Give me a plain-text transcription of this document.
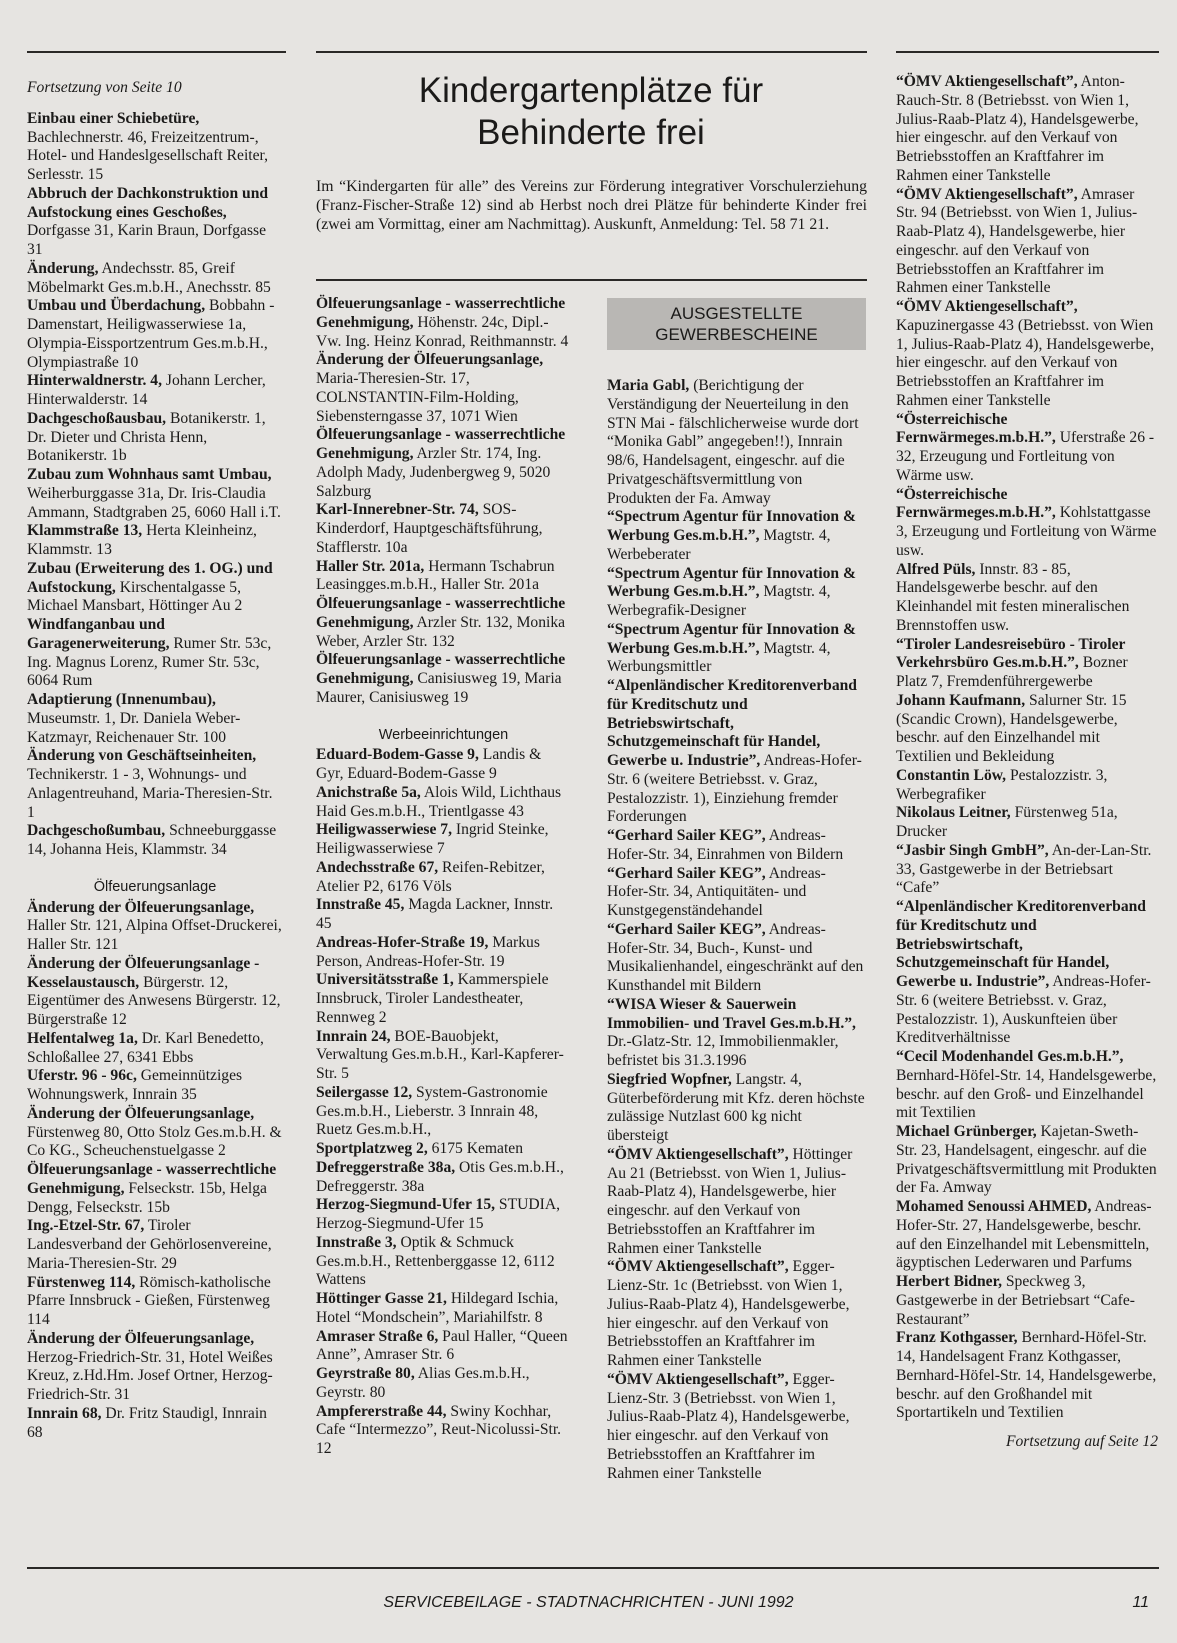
Kindergartenplätze für
Behinderte frei
Im “Kindergarten für alle” des Vereins zur Förderung integrativer Vorschulerziehung (Franz-Fischer-Straße 12) sind ab Herbst noch drei Plätze für behinderte Kinder frei (zwei am Vormittag, einer am Nachmittag). Auskunft, Anmeldung: Tel. 58 71 21.
AUSGESTELLTE
GEWERBESCHEINE
Fortsetzung von Seite 10

Einbau einer Schiebetüre, Bachlechnerstr. 46, Freizeitzentrum-, Hotel- und Handeslgesellschaft Reiter, Serlesstr. 15

Abbruch der Dachkonstruktion und Aufstockung eines Geschoßes, Dorfgasse 31, Karin Braun, Dorfgasse 31

Änderung, Andechsstr. 85, Greif Möbelmarkt Ges.m.b.H., Anechsstr. 85

Umbau und Überdachung, Bobbahn - Damenstart, Heiligwasserwiese 1a, Olympia-Eissportzentrum Ges.m.b.H., Olympiastraße 10

Hinterwaldnerstr. 4, Johann Lercher, Hinterwalderstr. 14

Dachgeschoßausbau, Botanikerstr. 1, Dr. Dieter und Christa Henn, Botanikerstr. 1b

Zubau zum Wohnhaus samt Umbau, Weiherburggasse 31a, Dr. Iris-Claudia Ammann, Stadtgraben 25, 6060 Hall i.T.

Klammstraße 13, Herta Kleinheinz, Klammstr. 13

Zubau (Erweiterung des 1. OG.) und Aufstockung, Kirschentalgasse 5, Michael Mansbart, Höttinger Au 2

Windfanganbau und Garagenerweiterung, Rumer Str. 53c, Ing. Magnus Lorenz, Rumer Str. 53c, 6064 Rum

Adaptierung (Innenumbau), Museumstr. 1, Dr. Daniela Weber-Katzmayr, Reichenauer Str. 100

Änderung von Geschäftseinheiten, Technikerstr. 1 - 3, Wohnungs- und Anlagentreuhand, Maria-Theresien-Str. 1

Dachgeschoßumbau, Schneeburggasse 14, Johanna Heis, Klammstr. 34

Ölfeuerungsanlage

Änderung der Ölfeuerungsanlage, Haller Str. 121, Alpina Offset-Druckerei, Haller Str. 121

Änderung der Ölfeuerungsanlage - Kesselaustausch, Bürgerstr. 12, Eigentümer des Anwesens Bürgerstr. 12, Bürgerstraße 12

Helfentalweg 1a, Dr. Karl Benedetto, Schloßallee 27, 6341 Ebbs

Uferstr. 96 - 96c, Gemeinnütziges Wohnungswerk, Innrain 35

Änderung der Ölfeuerungsanlage, Fürstenweg 80, Otto Stolz Ges.m.b.H. & Co KG., Scheuchenstuelgasse 2

Ölfeuerungsanlage - wasserrechtliche Genehmigung, Felseckstr. 15b, Helga Dengg, Felseckstr. 15b

Ing.-Etzel-Str. 67, Tiroler Landesverband der Gehörlosenvereine, Maria-Theresien-Str. 29

Fürstenweg 114, Römisch-katholische Pfarre Innsbruck - Gießen, Fürstenweg 114

Änderung der Ölfeuerungsanlage, Herzog-Friedrich-Str. 31, Hotel Weißes Kreuz, z.Hd.Hm. Josef Ortner, Herzog-Friedrich-Str. 31

Innrain 68, Dr. Fritz Staudigl, Innrain 68

Ölfeuerungsanlage - wasserrechtliche Genehmigung, Höhenstr. 24c, Dipl.-Vw. Ing. Heinz Konrad, Reithmannstr. 4

Änderung der Ölfeuerungsanlage, Maria-Theresien-Str. 17, COLNSTANTIN-Film-Holding, Siebensterngasse 37, 1071 Wien

Ölfeuerungsanlage - wasserrechtliche Genehmigung, Arzler Str. 174, Ing. Adolph Mady, Judenbergweg 9, 5020 Salzburg

Karl-Innerebner-Str. 74, SOS-Kinderdorf, Hauptgeschäftsführung, Stafflerstr. 10a

Haller Str. 201a, Hermann Tschabrun Leasingges.m.b.H., Haller Str. 201a

Ölfeuerungsanlage - wasserrechtliche Genehmigung, Arzler Str. 132, Monika Weber, Arzler Str. 132

Ölfeuerungsanlage - wasserrechtliche Genehmigung, Canisiusweg 19, Maria Maurer, Canisiusweg 19

Werbeeinrichtungen

Eduard-Bodem-Gasse 9, Landis & Gyr, Eduard-Bodem-Gasse 9

Anichstraße 5a, Alois Wild, Lichthaus Haid Ges.m.b.H., Trientlgasse 43

Heiligwasserwiese 7, Ingrid Steinke, Heiligwasserwiese 7

Andechsstraße 67, Reifen-Rebitzer, Atelier P2, 6176 Völs

Innstraße 45, Magda Lackner, Innstr. 45

Andreas-Hofer-Straße 19, Markus Person, Andreas-Hofer-Str. 19

Universitätsstraße 1, Kammerspiele Innsbruck, Tiroler Landestheater, Rennweg 2

Innrain 24, BOE-Bauobjekt, Verwaltung Ges.m.b.H., Karl-Kapferer-Str. 5

Seilergasse 12, System-Gastronomie Ges.m.b.H., Lieberstr. 3 Innrain 48, Ruetz Ges.m.b.H.,

Sportplatzweg 2, 6175 Kematen

Defreggerstraße 38a, Otis Ges.m.b.H., Defreggerstr. 38a

Herzog-Siegmund-Ufer 15, STUDIA, Herzog-Siegmund-Ufer 15

Innstraße 3, Optik & Schmuck Ges.m.b.H., Rettenberggasse 12, 6112 Wattens

Höttinger Gasse 21, Hildegard Ischia, Hotel “Mondschein”, Mariahilfstr. 8

Amraser Straße 6, Paul Haller, “Queen Anne”, Amraser Str. 6

Geyrstraße 80, Alias Ges.m.b.H., Geyrstr. 80

Ampfererstraße 44, Swiny Kochhar, Cafe “Intermezzo”, Reut-Nicolussi-Str. 12

Maria Gabl, (Berichtigung der Verständigung der Neuerteilung in den STN Mai - fälschlicherweise wurde dort “Monika Gabl” angegeben!!), Innrain 98/6, Handelsagent, eingeschr. auf die Privatgeschäftsvermittlung von Produkten der Fa. Amway

“Spectrum Agentur für Innovation & Werbung Ges.m.b.H.”, Magtstr. 4, Werbeberater

“Spectrum Agentur für Innovation & Werbung Ges.m.b.H.”, Magtstr. 4, Werbegrafik-Designer

“Spectrum Agentur für Innovation & Werbung Ges.m.b.H.”, Magtstr. 4, Werbungsmittler

“Alpenländischer Kreditorenverband für Kreditschutz und Betriebswirtschaft, Schutzgemeinschaft für Handel, Gewerbe u. Industrie”, Andreas-Hofer-Str. 6 (weitere Betriebsst. v. Graz, Pestalozzistr. 1), Einziehung fremder Forderungen

“Gerhard Sailer KEG”, Andreas-Hofer-Str. 34, Einrahmen von Bildern

“Gerhard Sailer KEG”, Andreas-Hofer-Str. 34, Antiquitäten- und Kunstgegenständehandel

“Gerhard Sailer KEG”, Andreas-Hofer-Str. 34, Buch-, Kunst- und Musikalienhandel, eingeschränkt auf den Kunsthandel mit Bildern

“WISA Wieser & Sauerwein Immobilien- und Travel Ges.m.b.H.”, Dr.-Glatz-Str. 12, Immobilienmakler, befristet bis 31.3.1996

Siegfried Wopfner, Langstr. 4, Güterbeförderung mit Kfz. deren höchste zulässige Nutzlast 600 kg nicht übersteigt

“ÖMV Aktiengesellschaft”, Höttinger Au 21 (Betriebsst. von Wien 1, Julius-Raab-Platz 4), Handelsgewerbe, hier eingeschr. auf den Verkauf von Betriebsstoffen an Kraftfahrer im Rahmen einer Tankstelle

“ÖMV Aktiengesellschaft”, Egger-Lienz-Str. 1c (Betriebsst. von Wien 1, Julius-Raab-Platz 4), Handelsgewerbe, hier eingeschr. auf den Verkauf von Betriebsstoffen an Kraftfahrer im Rahmen einer Tankstelle

“ÖMV Aktiengesellschaft”, Egger-Lienz-Str. 3 (Betriebsst. von Wien 1, Julius-Raab-Platz 4), Handelsgewerbe, hier eingeschr. auf den Verkauf von Betriebsstoffen an Kraftfahrer im Rahmen einer Tankstelle

“ÖMV Aktiengesellschaft”, Anton-Rauch-Str. 8 (Betriebsst. von Wien 1, Julius-Raab-Platz 4), Handelsgewerbe, hier eingeschr. auf den Verkauf von Betriebsstoffen an Kraftfahrer im Rahmen einer Tankstelle

“ÖMV Aktiengesellschaft”, Amraser Str. 94 (Betriebsst. von Wien 1, Julius-Raab-Platz 4), Handelsgewerbe, hier eingeschr. auf den Verkauf von Betriebsstoffen an Kraftfahrer im Rahmen einer Tankstelle

“ÖMV Aktiengesellschaft”, Kapuzinergasse 43 (Betriebsst. von Wien 1, Julius-Raab-Platz 4), Handelsgewerbe, hier eingeschr. auf den Verkauf von Betriebsstoffen an Kraftfahrer im Rahmen einer Tankstelle

“Österreichische Fernwärmeges.m.b.H.”, Uferstraße 26 - 32, Erzeugung und Fortleitung von Wärme usw.

“Österreichische Fernwärmeges.m.b.H.”, Kohlstattgasse 3, Erzeugung und Fortleitung von Wärme usw.

Alfred Püls, Innstr. 83 - 85, Handelsgewerbe beschr. auf den Kleinhandel mit festen mineralischen Brennstoffen usw.

“Tiroler Landesreisebüro - Tiroler Verkehrsbüro Ges.m.b.H.”, Bozner Platz 7, Fremdenführergewerbe

Johann Kaufmann, Salurner Str. 15 (Scandic Crown), Handelsgewerbe, beschr. auf den Einzelhandel mit Textilien und Bekleidung

Constantin Löw, Pestalozzistr. 3, Werbegrafiker

Nikolaus Leitner, Fürstenweg 51a, Drucker

“Jasbir Singh GmbH”, An-der-Lan-Str. 33, Gastgewerbe in der Betriebsart “Cafe”

“Alpenländischer Kreditorenverband für Kreditschutz und Betriebswirtschaft, Schutzgemeinschaft für Handel, Gewerbe u. Industrie”, Andreas-Hofer-Str. 6 (weitere Betriebsst. v. Graz, Pestalozzistr. 1), Auskunfteien über Kreditverhältnisse

“Cecil Modenhandel Ges.m.b.H.”, Bernhard-Höfel-Str. 14, Handelsgewerbe, beschr. auf den Groß- und Einzelhandel mit Textilien

Michael Grünberger, Kajetan-Sweth-Str. 23, Handelsagent, eingeschr. auf die Privatgeschäftsvermittlung mit Produkten der Fa. Amway

Mohamed Senoussi AHMED, Andreas-Hofer-Str. 27, Handelsgewerbe, beschr. auf den Einzelhandel mit Lebensmitteln, ägyptischen Lederwaren und Parfums

Herbert Bidner, Speckweg 3, Gastgewerbe in der Betriebsart “Cafe-Restaurant”

Franz Kothgasser, Bernhard-Höfel-Str. 14, Handelsagent Franz Kothgasser, Bernhard-Höfel-Str. 14, Handelsgewerbe, beschr. auf den Großhandel mit Sportartikeln und Textilien

Fortsetzung auf Seite 12
SERVICEBEILAGE - STADTNACHRICHTEN - JUNI 1992	11
